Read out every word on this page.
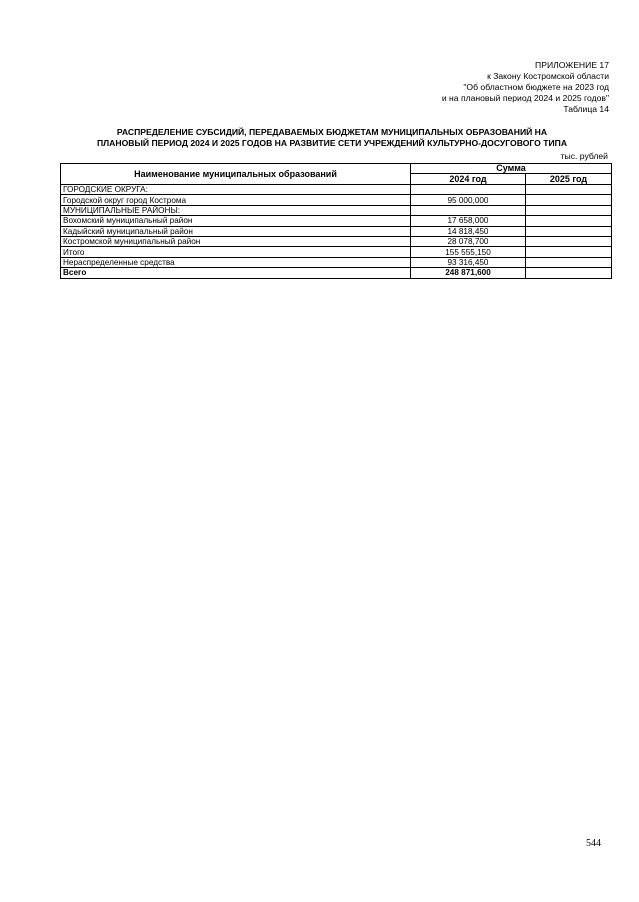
ПРИЛОЖЕНИЕ 17
к Закону Костромской области
"Об областном бюджете на 2023 год
и на плановый период 2024 и 2025 годов"
Таблица 14
РАСПРЕДЕЛЕНИЕ СУБСИДИЙ, ПЕРЕДАВАЕМЫХ БЮДЖЕТАМ МУНИЦИПАЛЬНЫХ ОБРАЗОВАНИЙ НА
ПЛАНОВЫЙ ПЕРИОД 2024 И 2025 ГОДОВ НА РАЗВИТИЕ СЕТИ УЧРЕЖДЕНИЙ КУЛЬТУРНО-ДОСУГОВОГО ТИПА
тыс. рублей
Наименование муниципальных образований	Сумма	
	2024 год	2025 год
ГОРОДСКИЕ ОКРУГА:		
Городской округ город Кострома	95 000,000	
МУНИЦИПАЛЬНЫЕ РАЙОНЫ:		
Вохомский муниципальный район	17 658,000	
Кадыйский муниципальный район	14 818,450	
Костромской муниципальный район	28 078,700	
Итого	155 555,150	
Нераспределенные средства	93 316,450	
Всего	248 871,600	
544
